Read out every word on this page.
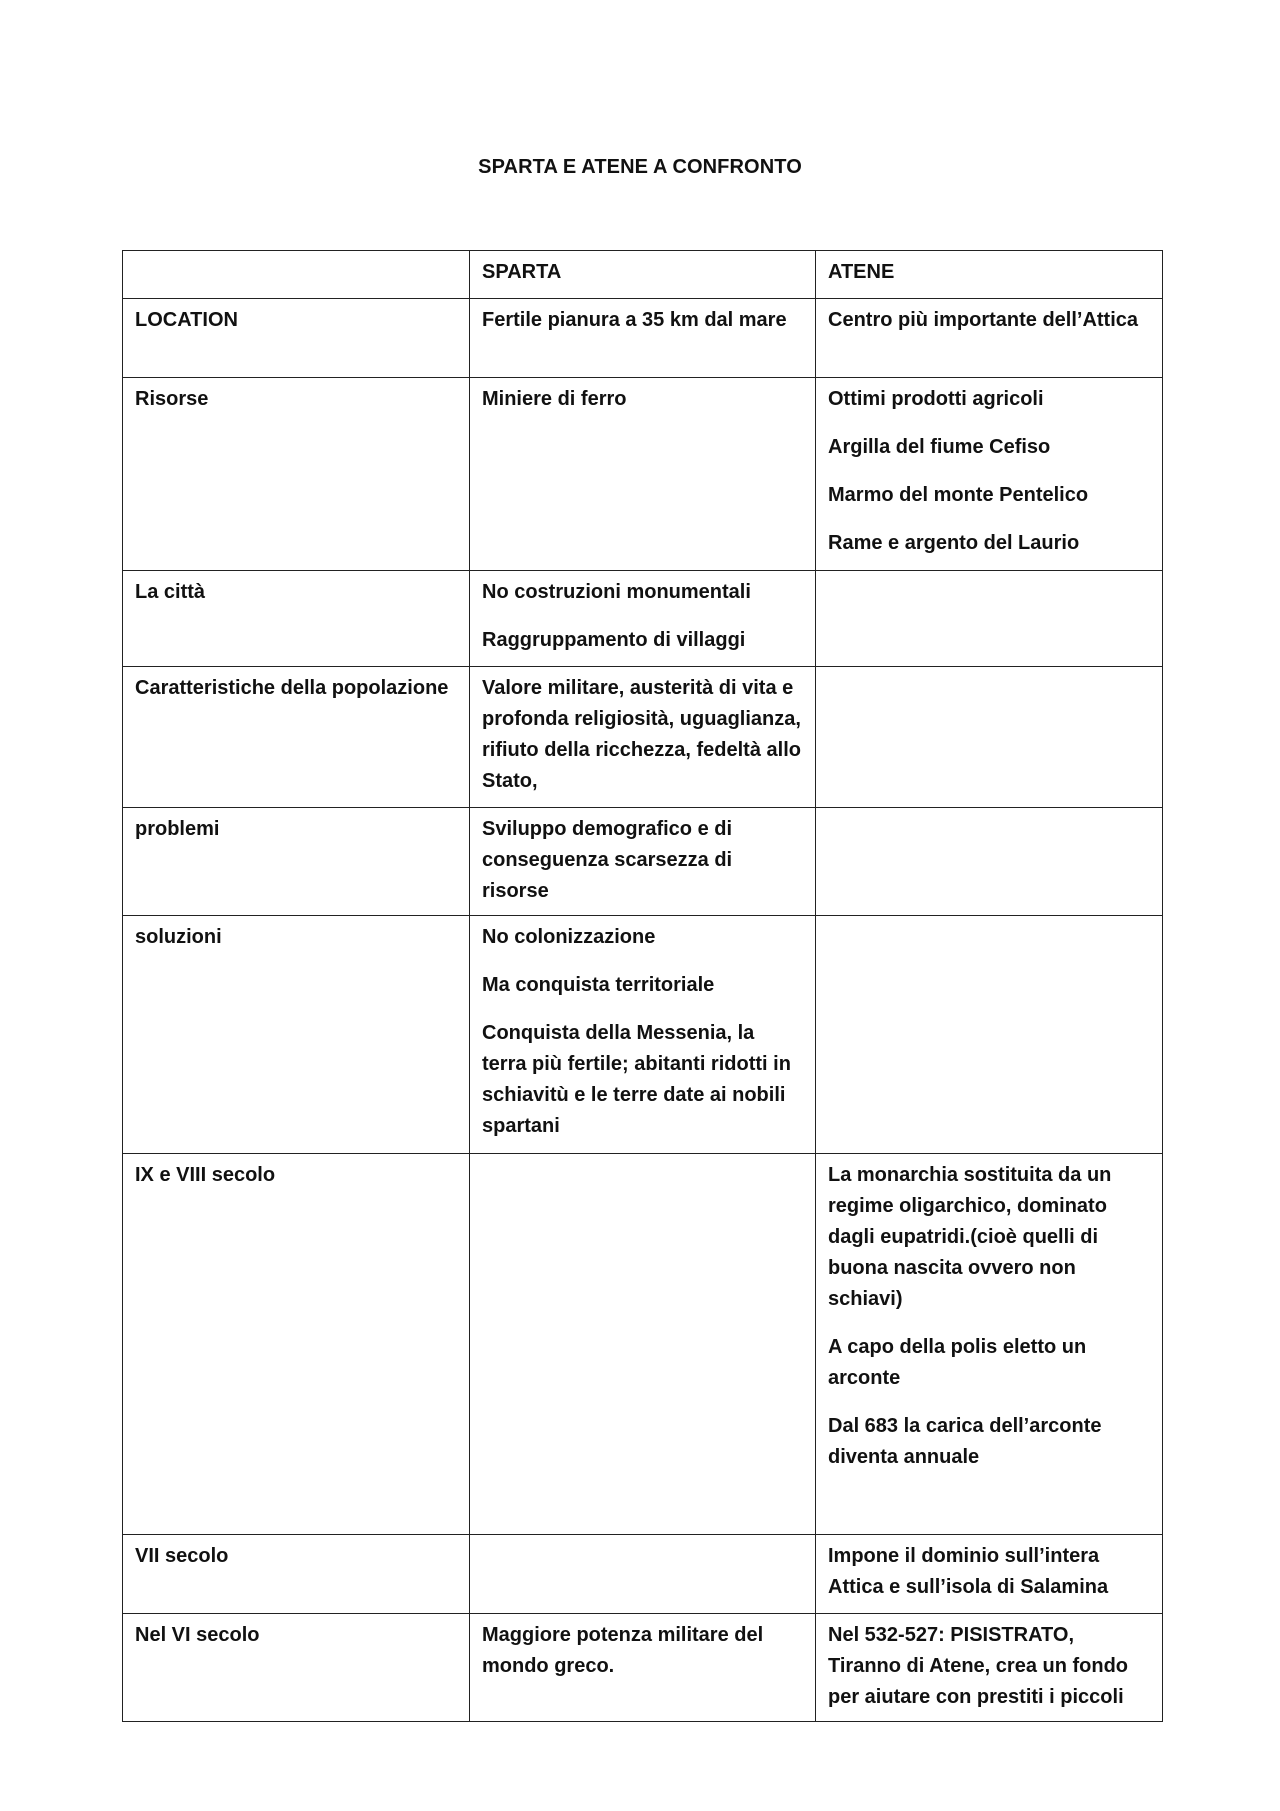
SPARTA E ATENE A CONFRONTO
	SPARTA	ATENE
LOCATION	Fertile pianura a 35 km dal mare	Centro più importante dell’Attica

Risorse	Miniere di ferro	Ottimi prodotti agricoli

Argilla del fiume Cefiso

Marmo del monte Pentelico

Rame e argento del Laurio

La città	No costruzioni monumentali

Raggruppamento di villaggi	

Caratteristiche della popolazione	Valore militare, austerità di vita e profonda religiosità, uguaglianza, rifiuto della ricchezza, fedeltà allo Stato,	

problemi	Sviluppo demografico e di conseguenza scarsezza di risorse	

soluzioni	No colonizzazione

Ma conquista territoriale

Conquista della Messenia, la terra più fertile; abitanti ridotti in schiavitù e le terre date ai nobili spartani	

IX e VIII secolo		La monarchia sostituita da un regime oligarchico, dominato dagli eupatridi.(cioè quelli di buona nascita ovvero non schiavi)

A capo della polis eletto un arconte

Dal 683 la carica dell’arconte diventa annuale

VII secolo		Impone il dominio sull’intera Attica e sull’isola di Salamina

Nel VI secolo	Maggiore potenza militare del mondo greco.	Nel 532-527: PISISTRATO, Tiranno di Atene, crea un fondo per aiutare con prestiti i piccoli
